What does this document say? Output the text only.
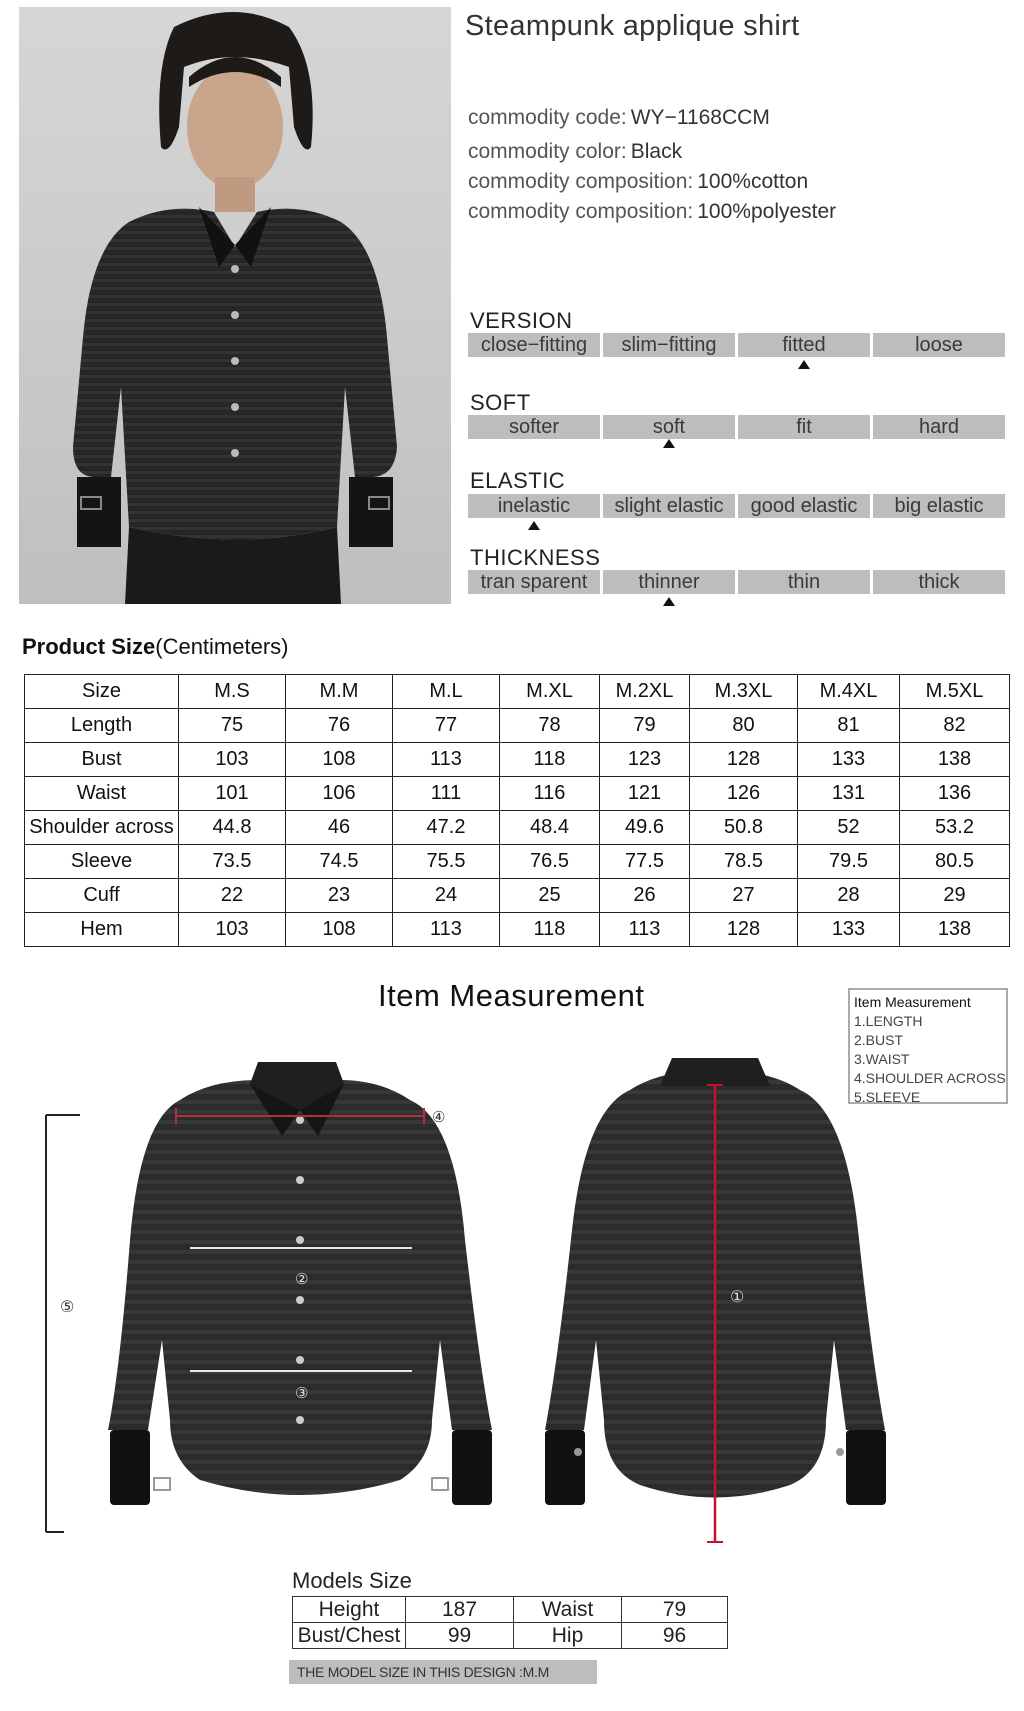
Steampunk applique shirt
commodity code: WY−1168CCM
commodity color: Black
commodity composition: 100%cotton
commodity composition: 100%polyester
VERSION
close−fitting	slim−fitting	fitted	loose
SOFT
softer	soft	fit	hard
ELASTIC
inelastic	slight elastic	good elastic	big elastic
THICKNESS
tran sparent	thinner	thin	thick
Product Size(Centimeters)
Size	M.S	M.M	M.L	M.XL	M.2XL	M.3XL	M.4XL	M.5XL
Length	75	76	77	78	79	80	81	82
Bust	103	108	113	118	123	128	133	138
Waist	101	106	111	116	121	126	131	136
Shoulder across	44.8	46	47.2	48.4	49.6	50.8	52	53.2
Sleeve	73.5	74.5	75.5	76.5	77.5	78.5	79.5	80.5
Cuff	22	23	24	25	26	27	28	29
Hem	103	108	113	118	113	128	133	138
Item Measurement	Item Measurement
1.LENGTH
2.BUST
3.WAIST
4.SHOULDER ACROSS
5.SLEEVE
⑤
④
②
③
①
Models Size
Height	187	Waist	79
Bust/Chest	99	Hip	96
THE MODEL SIZE IN THIS DESIGN :M.M
